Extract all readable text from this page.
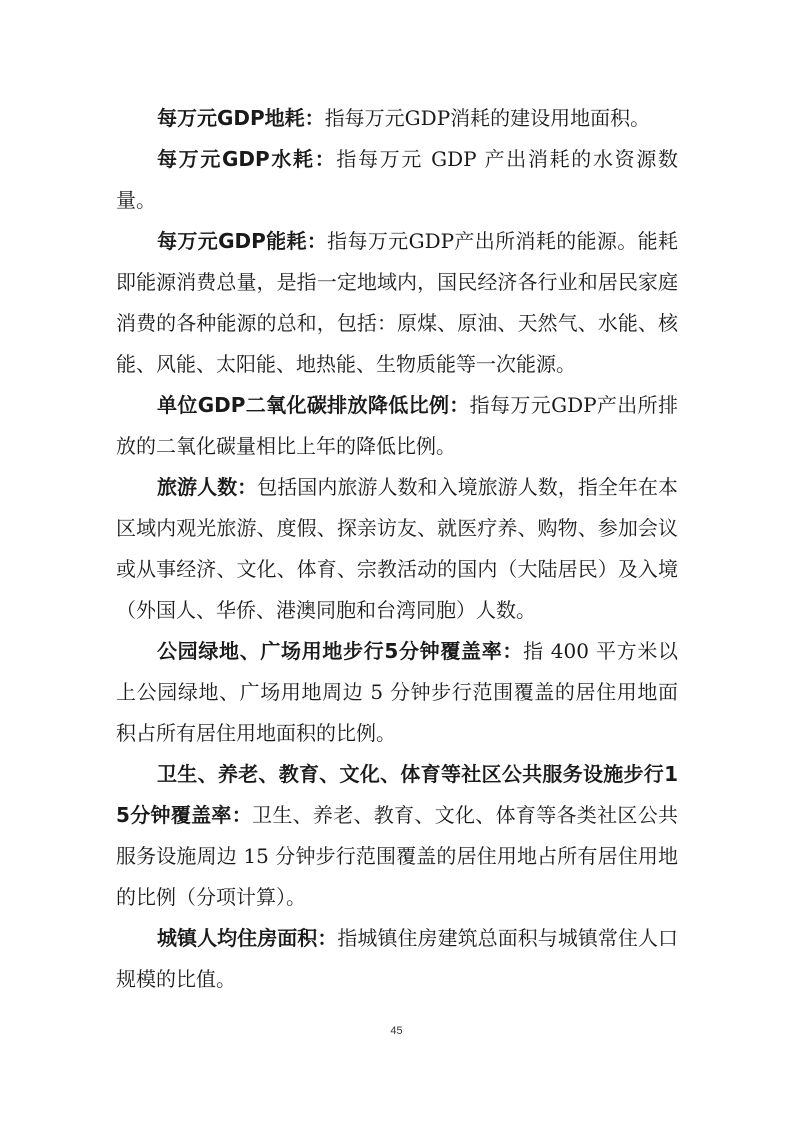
每万元GDP地耗：指每万元GDP消耗的建设用地面积。

每万元GDP水耗：指每万元 GDP 产出消耗的水资源数量。

每万元GDP能耗：指每万元GDP产出所消耗的能源。能耗即能源消费总量，是指一定地域内，国民经济各行业和居民家庭消费的各种能源的总和，包括：原煤、原油、天然气、水能、核能、风能、太阳能、地热能、生物质能等一次能源。

单位GDP二氧化碳排放降低比例：指每万元GDP产出所排放的二氧化碳量相比上年的降低比例。

旅游人数：包括国内旅游人数和入境旅游人数，指全年在本区域内观光旅游、度假、探亲访友、就医疗养、购物、参加会议或从事经济、文化、体育、宗教活动的国内（大陆居民）及入境（外国人、华侨、港澳同胞和台湾同胞）人数。

公园绿地、广场用地步行5分钟覆盖率：指 400 平方米以上公园绿地、广场用地周边 5 分钟步行范围覆盖的居住用地面积占所有居住用地面积的比例。

卫生、养老、教育、文化、体育等社区公共服务设施步行15分钟覆盖率：卫生、养老、教育、文化、体育等各类社区公共服务设施周边 15 分钟步行范围覆盖的居住用地占所有居住用地的比例（分项计算）。

城镇人均住房面积：指城镇住房建筑总面积与城镇常住人口规模的比值。

45
